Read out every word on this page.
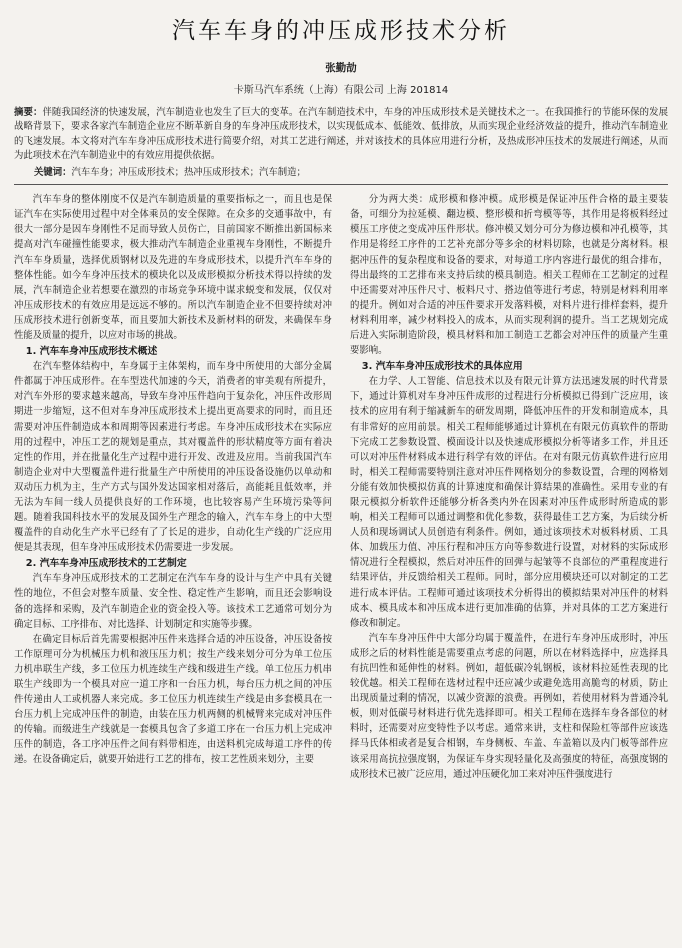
汽车车身的冲压成形技术分析
张勤劼
卡斯马汽车系统（上海）有限公司 上海 201814
摘要：伴随我国经济的快速发展，汽车制造业也发生了巨大的变革。在汽车制造技术中，车身的冲压成形技术是关键技术之一。在我国推行的节能环保的发展战略背景下，要求各家汽车制造企业应不断革新自身的车身冲压成形技术，以实现低成本、低能效、低排放，从而实现企业经济效益的提升，推动汽车制造业的飞速发展。本文将对汽车车身冲压成形技术进行简要介绍，对其工艺进行阐述，并对该技术的具体应用进行分析，及热成形冲压技术的发展进行阐述，从而为此项技术在汽车制造业中的有效应用提供依据。
关键词：汽车车身；冲压成形技术；热冲压成形技术；汽车制造；

汽车车身的整体刚度不仅是汽车制造质量的重要指标之一，而且也是保证汽车在实际使用过程中对全体乘员的安全保障。在众多的交通事故中，有很大一部分是因车身刚性不足而导致人员伤亡，目前国家不断推出新国标来提高对汽车碰撞性能要求，极大推动汽车制造企业重视车身刚性，不断提升汽车车身质量，选择优质钢材以及先进的车身成形技术，以提升汽车车身的整体性能。如今车身冲压技术的模块化以及成形模拟分析技术得以持续的发展，汽车制造企业若想要在激烈的市场竞争环境中谋求蜕变和发展，仅仅对冲压成形技术的有效应用是远远不够的。所以汽车制造企业不但要持续对冲压成形技术进行创新变革，而且要加大新技术及新材料的研发，来确保车身性能及质量的提升，以应对市场的挑战。

1. 汽车车身冲压成形技术概述

在汽车整体结构中，车身属于主体架构，而车身中所使用的大部分金属件都属于冲压成形件。在车型迭代加速的今天，消费者的审美观有所提升，对汽车外形的要求越来越高，导致车身冲压件趋向于复杂化，冲压件改形周期进一步缩短，这不但对车身冲压成形技术上提出更高要求的同时，而且还需要对冲压件制造成本和周期等因素进行考虑。车身冲压成形技术在实际应用的过程中，冲压工艺的规划是重点，其对覆盖件的形状精度等方面有着决定性的作用，并在批量化生产过程中进行开发、改进及应用。当前我国汽车制造企业对中大型覆盖件进行批量生产中所使用的冲压设备设施仍以单动和双动压力机为主，生产方式与国外发达国家相对落后，高能耗且低效率，并无法为车间一线人员提供良好的工作环境，也比较容易产生环境污染等问题。随着我国科技水平的发展及国外生产理念的输入，汽车车身上的中大型覆盖件的自动化生产水平已经有了了长足的进步，自动化生产线的广泛应用便是其表现，但车身冲压成形技术仍需要进一步发展。

2. 汽车车身冲压成形技术的工艺制定

汽车车身冲压成形技术的工艺制定在汽车车身的设计与生产中具有关键性的地位，不但会对整车质量、安全性、稳定性产生影响，而且还会影响设备的选择和采购，及汽车制造企业的资金投入等。该技术工艺通常可划分为确定目标、工序排布、对比选择、计划制定和实施等步骤。

在确定目标后首先需要根据冲压件来选择合适的冲压设备，冲压设备按工作原理可分为机械压力机和液压压力机；按生产线来划分可分为单工位压力机串联生产线，多工位压力机连续生产线和级进生产线。单工位压力机串联生产线即为一个模具对应一道工序和一台压力机，每台压力机之间的冲压件传递由人工或机器人来完成。多工位压力机连续生产线是由多套模具在一台压力机上完成冲压件的制造，由装在压力机两侧的机械臂来完成对冲压件的传输。而级进生产线就是一套模具包含了多道工序在一台压力机上完成冲压件的制造，各工序冲压件之间有料带相连，由送料机完成每道工序件的传递。在设备确定后，就要开始进行工艺的排布，按工艺性质来划分，主要

分为两大类：成形模和修冲模。成形模是保证冲压件合格的最主要装备，可细分为拉延模、翻边模、整形模和折弯模等等，其作用是将板料经过模压工序使之变成冲压件形状。修冲模又划分可分为修边模和冲孔模等，其作用是将经工序件的工艺补充部分等多余的材料切除，也就是分离材料。根据冲压件的复杂程度和设备的要求，对每道工序内容进行最优的组合排布，得出最终的工艺排布来支持后续的模具制造。相关工程师在工艺制定的过程中还需要对冲压件尺寸、板料尺寸、搭边值等进行考虑，特别是材料利用率的提升。例如对合适的冲压件要求开发落料模，对料片进行排样套料，提升材料利用率，减少材料投入的成本，从而实现利润的提升。当工艺规划完成后进入实际制造阶段，模具材料和加工制造工艺都会对冲压件的质量产生重要影响。

3. 汽车车身冲压成形技术的具体应用

在力学、人工智能、信息技术以及有限元计算方法迅速发展的时代背景下，通过计算机对车身冲压件成形的过程进行分析模拟已得到广泛应用，该技术的应用有利于缩减新车的研发周期，降低冲压件的开发和制造成本，具有非常好的应用前景。相关工程师能够通过计算机在有限元仿真软件的帮助下完成工艺参数设置、模面设计以及快速成形模拟分析等诸多工作，并且还可以对冲压件材料成本进行科学有效的评估。在对有限元仿真软件进行应用时，相关工程师需要特别注意对冲压件网格划分的参数设置，合理的网格划分能有效加快模拟仿真的计算速度和确保计算结果的准确性。采用专业的有限元模拟分析软件还能够分析各类内外在因素对冲压件成形时所造成的影响，相关工程师可以通过调整和优化参数，获得最佳工艺方案，为后续分析人员和现场调试人员创造有利条件。例如，通过该项技术对板料材质、工具体、加载压力值、冲压行程和冲压方向等参数进行设置，对材料的实际成形情况进行全程模拟，然后对冲压件的回弹与起皱等不良部位的严重程度进行结果评估，并反馈给相关工程师。同时，部分应用模块还可以对制定的工艺进行成本评估。工程师可通过该项技术分析得出的模拟结果对冲压件的材料成本、模具成本和冲压成本进行更加准确的估算，并对具体的工艺方案进行修改和制定。

汽车车身冲压件中大部分均属于覆盖件，在进行车身冲压成形时，冲压成形之后的材料性能是需要重点考虑的问题，所以在材料选择中，应选择具有抗凹性和延伸性的材料。例如，超低碳冷轧钢板，该材料拉延性表现的比较优越。相关工程师在选材过程中还应减少或避免选用高脆弯的材质，防止出现质量过剩的情况，以减少资源的浪费。再例如，若使用材料为普通冷轧板，则对低碳号材料进行优先选择即可。相关工程师在选择车身各部位的材料时，还需要对应变特性予以考虑。通常来讲，支柱和保险杠等部件应该选择马氏体相或者是复合相钢，车身侧板、车盖、车盖箱以及内门板等部件应该采用高抗拉强度钢，为保证车身实现轻量化及高强度的特征，高强度钢的成形技术已被广泛应用，通过冲压硬化加工来对冲压件强度进行
